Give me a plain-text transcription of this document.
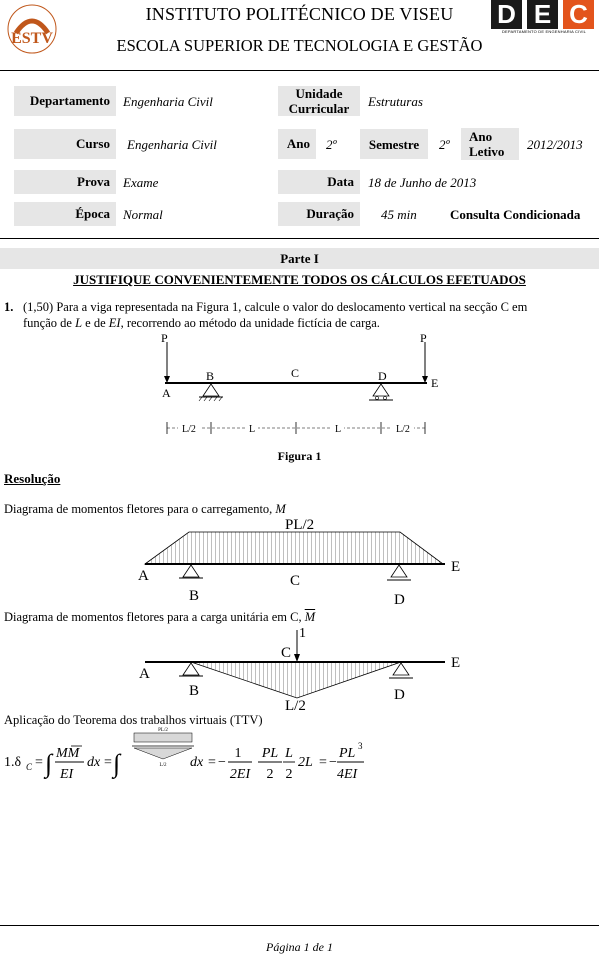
ESTV
INSTITUTO POLITÉCNICO DE VISEU
ESCOLA SUPERIOR DE TECNOLOGIA E GESTÃO
D E C
DEPARTAMENTO DE ENGENHARIA CIVIL
Departamento	Engenharia Civil
Unidade Curricular	Estruturas
Curso	Engenharia Civil	Ano	2º	Semestre	2º
Ano Letivo	2012/2013
Prova	Exame	Data	18 de Junho de 2013
Época	Normal	Duração	45 min	Consulta Condicionada
Parte I
JUSTIFIQUE CONVENIENTEMENTE TODOS OS CÁLCULOS EFETUADOS
1. (1,50) Para a viga representada na Figura 1, calcule o valor do deslocamento vertical na secção C em
função de L e de EI, recorrendo ao método da unidade fictícia de carga.
P	P
A
B	C	D	E
L/2	L	L	L/2
Figura 1
Resolução
Diagrama de momentos fletores para o carregamento, M
PL/2
A
B
C
D
E
Diagrama de momentos fletores para a carga unitária em C, $\overline{M}$
1
C
A
B	D
E
L/2
Aplicação do Teorema dos trabalhos virtuais (TTV)
1.δ C = ∫ MM
EI
dx = ∫
PL/2
L/2 dx = −
1
2EI
PL
2
L
2
2L = −
PL 3
4EI
Página 1 de 1
